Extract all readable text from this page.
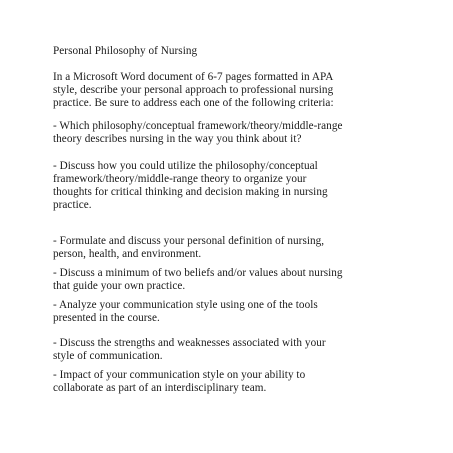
Personal Philosophy of Nursing

In a Microsoft Word document of 6-7 pages formatted in APA

style, describe your personal approach to professional nursing

practice. Be sure to address each one of the following criteria:

- Which philosophy/conceptual framework/theory/middle-range

theory describes nursing in the way you think about it?

- Discuss how you could utilize the philosophy/conceptual

framework/theory/middle-range theory to organize your

thoughts for critical thinking and decision making in nursing

practice.

- Formulate and discuss your personal definition of nursing,

person, health, and environment.

- Discuss a minimum of two beliefs and/or values about nursing

that guide your own practice.

- Analyze your communication style using one of the tools

presented in the course.

- Discuss the strengths and weaknesses associated with your

style of communication.

- Impact of your communication style on your ability to

collaborate as part of an interdisciplinary team.
